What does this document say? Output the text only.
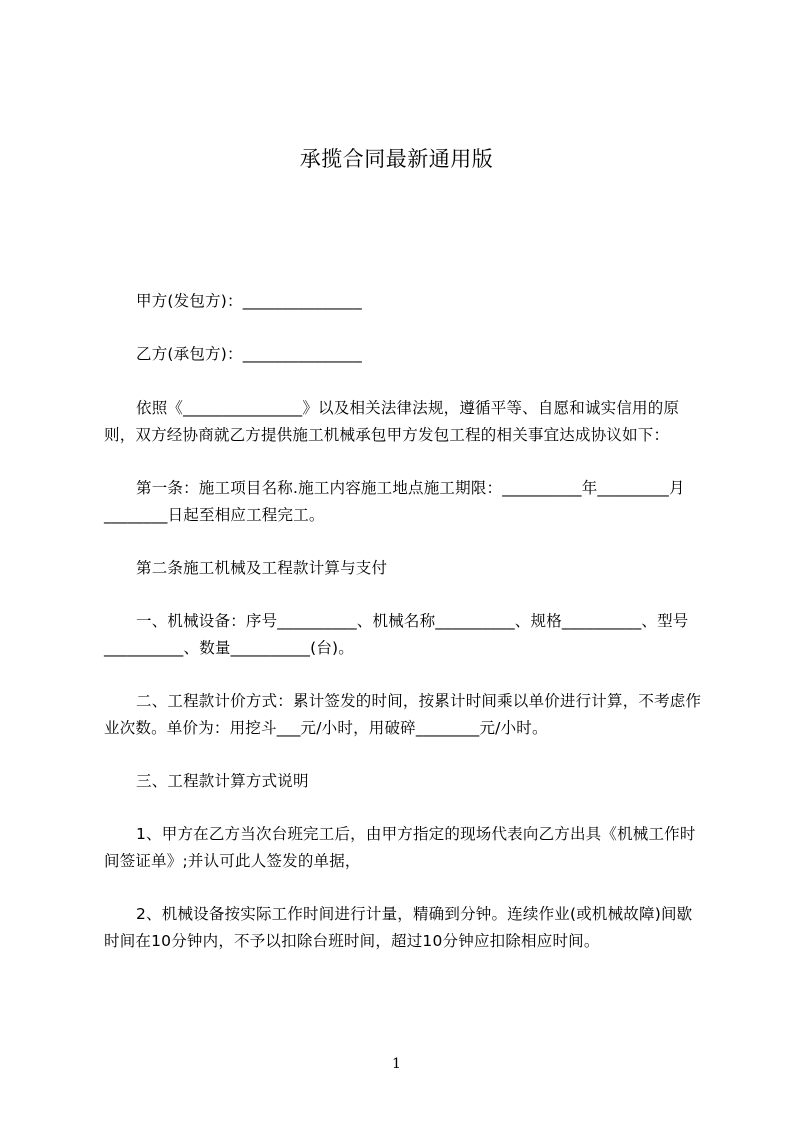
承揽合同最新通用版

甲方(发包方)：_______________

乙方(承包方)：_______________

依照《_______________》以及相关法律法规，遵循平等、自愿和诚实信用的原则，双方经协商就乙方提供施工机械承包甲方发包工程的相关事宜达成协议如下：

第一条：施工项目名称.施工内容施工地点施工期限：__________年_________月________日起至相应工程完工。

第二条施工机械及工程款计算与支付

一、机械设备：序号__________、机械名称__________、规格__________、型号__________、数量__________(台)。

二、工程款计价方式：累计签发的时间，按累计时间乘以单价进行计算，不考虑作业次数。单价为：用挖斗___元/小时，用破碎________元/小时。

三、工程款计算方式说明

1、甲方在乙方当次台班完工后，由甲方指定的现场代表向乙方出具《机械工作时间签证单》;并认可此人签发的单据，

2、机械设备按实际工作时间进行计量，精确到分钟。连续作业(或机械故障)间歇时间在10分钟内，不予以扣除台班时间，超过10分钟应扣除相应时间。

1
